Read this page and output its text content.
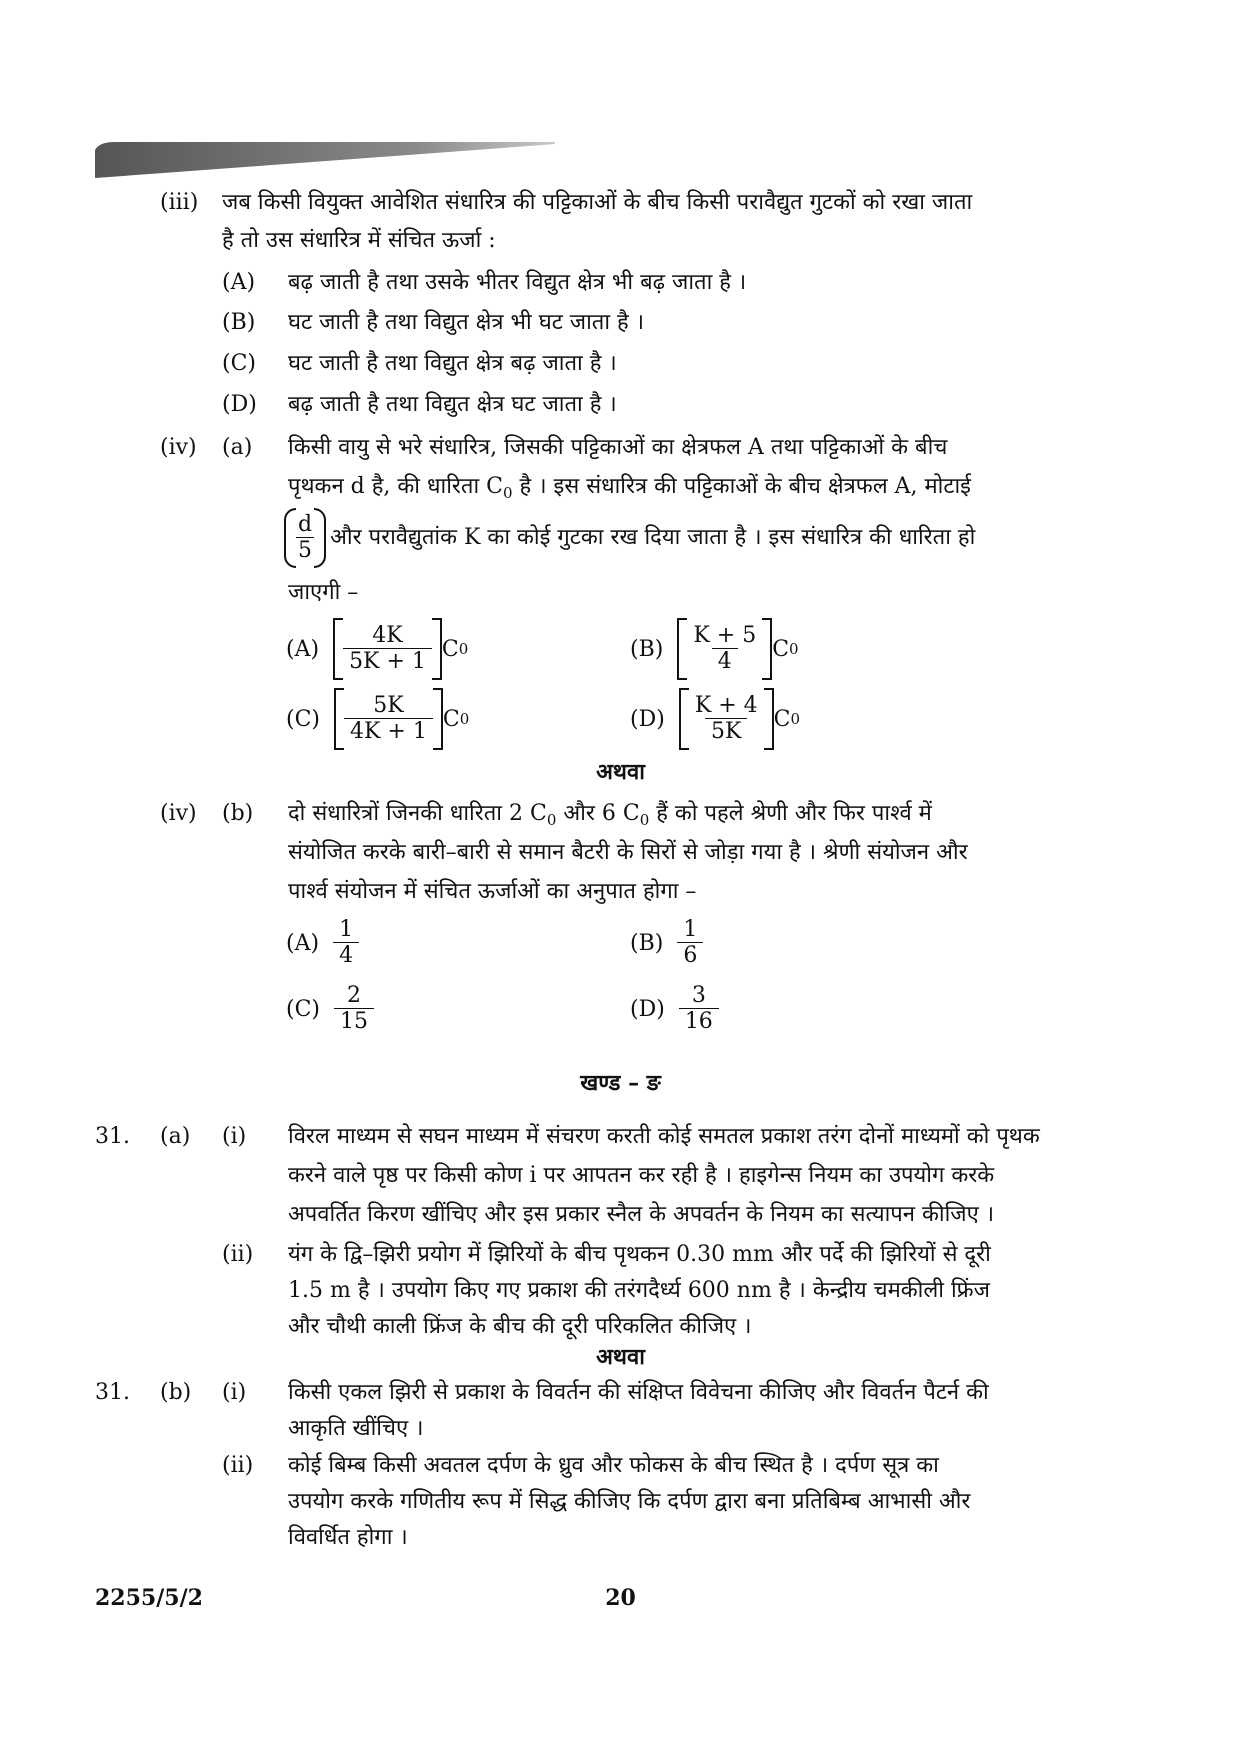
(iii) जब किसी वियुक्त आवेशित संधारित्र की पट्टिकाओं के बीच किसी परावैद्युत गुटकों को रखा जाता
है तो उस संधारित्र में संचित ऊर्जा :
(A) बढ़ जाती है तथा उसके भीतर विद्युत क्षेत्र भी बढ़ जाता है ।
(B) घट जाती है तथा विद्युत क्षेत्र भी घट जाता है ।
(C) घट जाती है तथा विद्युत क्षेत्र बढ़ जाता है ।
(D) बढ़ जाती है तथा विद्युत क्षेत्र घट जाता है ।
(iv) (a) किसी वायु से भरे संधारित्र, जिसकी पट्टिकाओं का क्षेत्रफल A तथा पट्टिकाओं के बीच
पृथकन d है, की धारिता $C_0$ है । इस संधारित्र की पट्टिकाओं के बीच क्षेत्रफल A, मोटाई
$\frac{d}{5}$ और परावैद्युतांक K का कोई गुटका रख दिया जाता है । इस संधारित्र की धारिता हो
जाएगी –
$(A) \frac{4K}{5K + 1}$ C 0	$(B) \frac{K + 5}{4}$ C 0
$(C) \frac{5K}{4K + 1}$ C 0	$(D) \frac{K + 4}{5K}$ C 0
अथवा
(iv) (b) दो संधारित्रों जिनकी धारिता 2 $C_0$ और 6 $C_0$ हैं को पहले श्रेणी और फिर पार्श्व में
संयोजित करके बारी–बारी से समान बैटरी के सिरों से जोड़ा गया है । श्रेणी संयोजन और
पार्श्व संयोजन में संचित ऊर्जाओं का अनुपात होगा –
$(A) \frac{1}{4}$	$(B) \frac{1}{6}$
$(C) \frac{2}{15}$	$(D) \frac{3}{16}$
खण्ड – ङ
31. (a) (i) विरल माध्यम से सघन माध्यम में संचरण करती कोई समतल प्रकाश तरंग दोनों माध्यमों को पृथक
करने वाले पृष्ठ पर किसी कोण i पर आपतन कर रही है । हाइगेन्स नियम का उपयोग करके
अपवर्तित किरण खींचिए और इस प्रकार स्नैल के अपवर्तन के नियम का सत्यापन कीजिए ।
(ii) यंग के द्वि–झिरी प्रयोग में झिरियों के बीच पृथकन 0.30 mm और पर्दे की झिरियों से दूरी
1.5 m है । उपयोग किए गए प्रकाश की तरंगदैर्ध्य 600 nm है । केन्द्रीय चमकीली फ्रिंज
और चौथी काली फ्रिंज के बीच की दूरी परिकलित कीजिए ।
अथवा
31. (b) (i) किसी एकल झिरी से प्रकाश के विवर्तन की संक्षिप्त विवेचना कीजिए और विवर्तन पैटर्न की
आकृति खींचिए ।
(ii) कोई बिम्ब किसी अवतल दर्पण के ध्रुव और फोकस के बीच स्थित है । दर्पण सूत्र का
उपयोग करके गणितीय रूप में सिद्ध कीजिए कि दर्पण द्वारा बना प्रतिबिम्ब आभासी और
विवर्धित होगा ।
2255/5/2	20
